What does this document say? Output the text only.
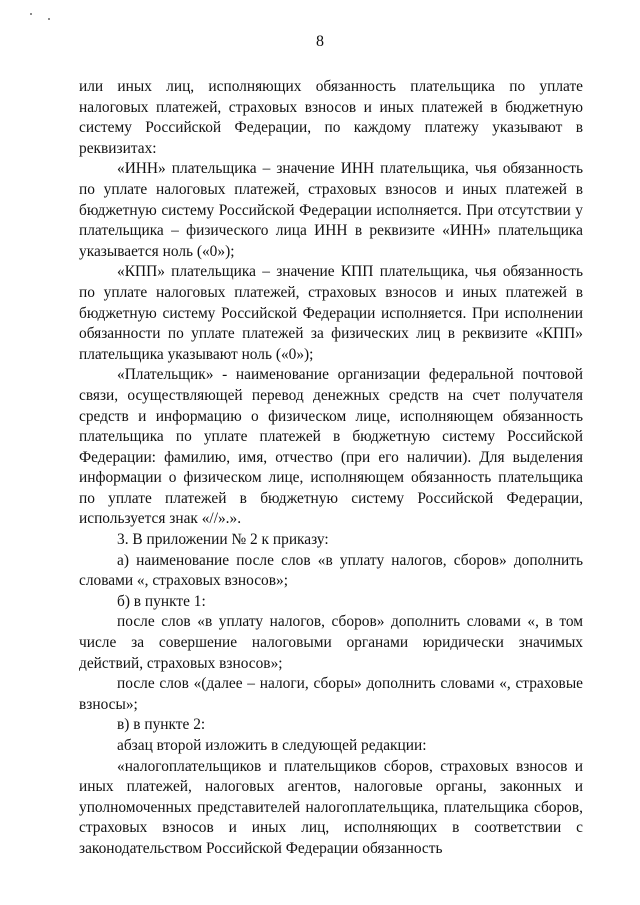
8

или иных лиц, исполняющих обязанность плательщика по уплате налоговых платежей, страховых взносов и иных платежей в бюджетную систему Российской Федерации, по каждому платежу указывают в реквизитах:

«ИНН» плательщика – значение ИНН плательщика, чья обязанность по уплате налоговых платежей, страховых взносов и иных платежей в бюджетную систему Российской Федерации исполняется. При отсутствии у плательщика – физического лица ИНН в реквизите «ИНН» плательщика указывается ноль («0»);

«КПП» плательщика – значение КПП плательщика, чья обязанность по уплате налоговых платежей, страховых взносов и иных платежей в бюджетную систему Российской Федерации исполняется. При исполнении обязанности по уплате платежей за физических лиц в реквизите «КПП» плательщика указывают ноль («0»);

«Плательщик» - наименование организации федеральной почтовой связи, осуществляющей перевод денежных средств на счет получателя средств и информацию о физическом лице, исполняющем обязанность плательщика по уплате платежей в бюджетную систему Российской Федерации: фамилию, имя, отчество (при его наличии). Для выделения информации о физическом лице, исполняющем обязанность плательщика по уплате платежей в бюджетную систему Российской Федерации, используется знак «//».».

3. В приложении № 2 к приказу:

а) наименование после слов «в уплату налогов, сборов» дополнить словами «, страховых взносов»;

б) в пункте 1:

после слов «в уплату налогов, сборов» дополнить словами «, в том числе за совершение налоговыми органами юридически значимых действий, страховых взносов»;

после слов «(далее – налоги, сборы» дополнить словами «, страховые взносы»;

в) в пункте 2:

абзац второй изложить в следующей редакции:

«налогоплательщиков и плательщиков сборов, страховых взносов и иных платежей, налоговых агентов, налоговые органы, законных и уполномоченных представителей налогоплательщика, плательщика сборов, страховых взносов и иных лиц, исполняющих в соответствии с законодательством Российской Федерации обязанность
